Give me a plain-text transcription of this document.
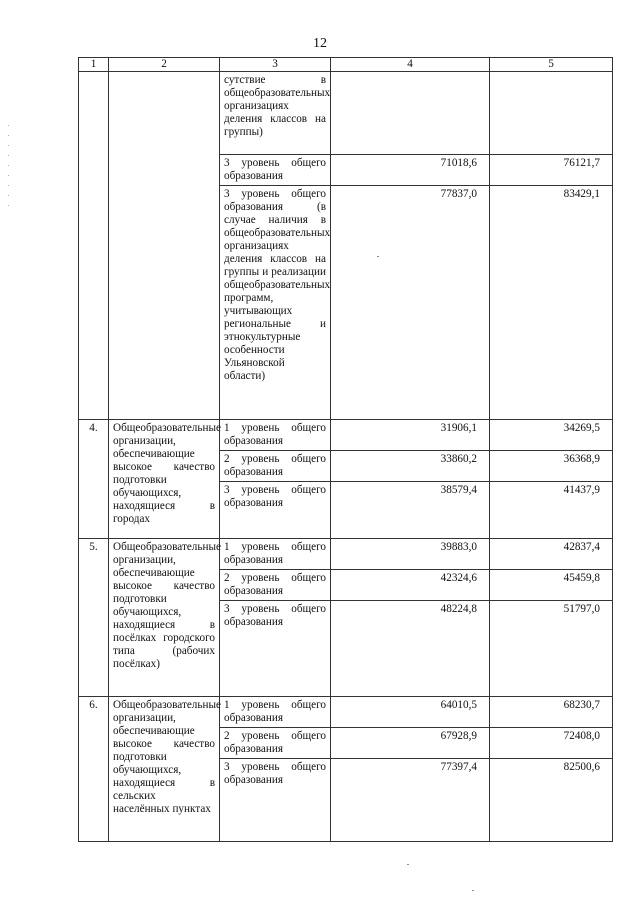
12
1	2	3	4	5
		сутствие в общеобразовательных организациях деления классов на группы)		
		3 уровень общего образования	71018,6	76121,7
		3 уровень общего образования (в случае наличия в общеобразовательных организациях деления классов на группы и реализации общеобразовательных программ, учитывающих региональные и этнокультурные особенности Ульяновской области)	77837,0	83429,1
4.	Общеобразовательные организации, обеспечивающие высокое качество подготовки обучающихся, находящиеся в городах	1 уровень общего образования	31906,1	34269,5
		2 уровень общего образования	33860,2	36368,9
		3 уровень общего образования	38579,4	41437,9
5.	Общеобразовательные организации, обеспечивающие высокое качество подготовки обучающихся, находящиеся в посёлках городского типа (рабочих посёлках)	1 уровень общего образования	39883,0	42837,4
		2 уровень общего образования	42324,6	45459,8
		3 уровень общего образования	48224,8	51797,0
6.	Общеобразовательные организации, обеспечивающие высокое качество подготовки обучающихся, находящиеся в сельских населённых пунктах	1 уровень общего образования	64010,5	68230,7
		2 уровень общего образования	67928,9	72408,0
		3 уровень общего образования	77397,4	82500,6
